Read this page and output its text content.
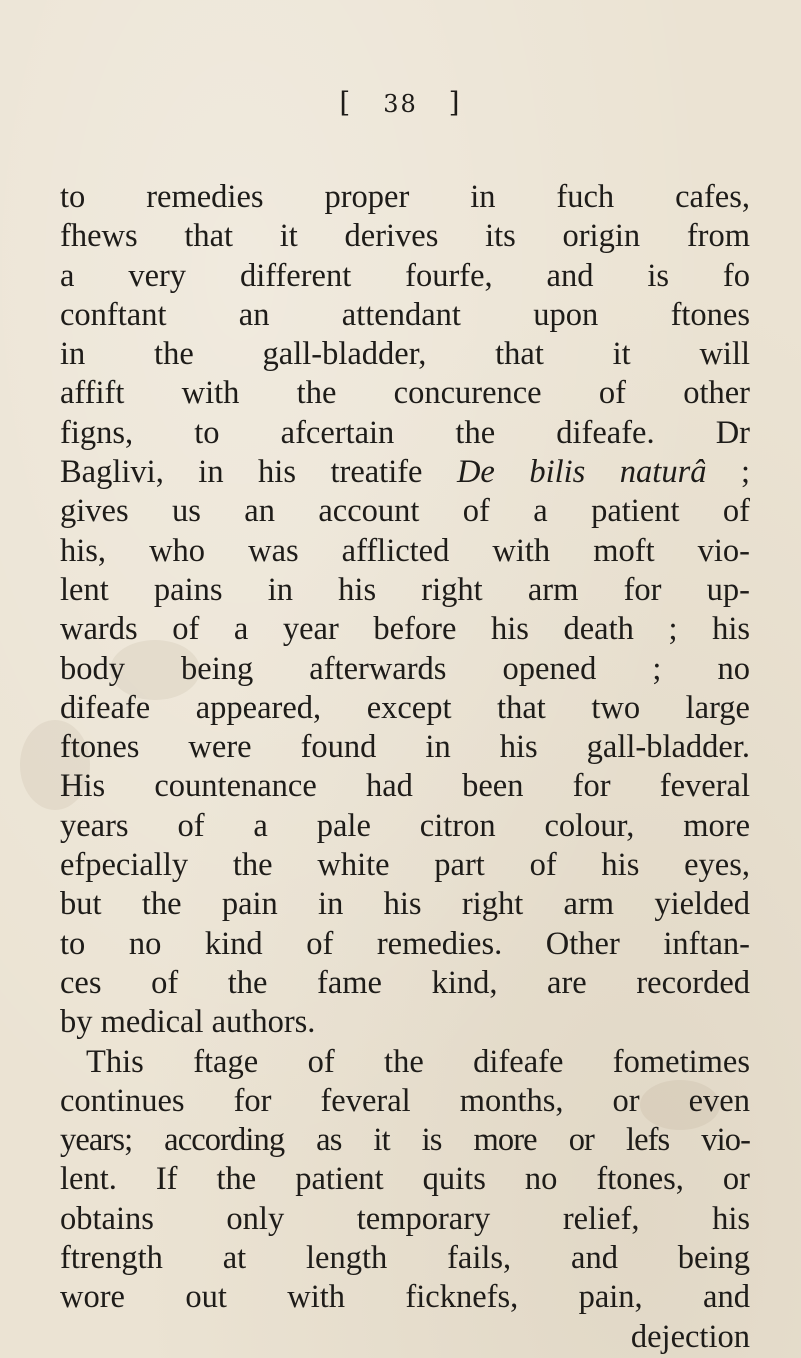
[ 38 ]
to remedies proper in fuch cafes,
fhews that it derives its origin from
a very different fourfe, and is fo
conftant an attendant upon ftones
in the gall-bladder, that it will
affift with the concurence of other
figns, to afcertain the difeafe. Dr
Baglivi, in his treatife De bilis naturâ ;
gives us an account of a patient of
his, who was afflicted with moft vio-
lent pains in his right arm for up-
wards of a year before his death ; his
body being afterwards opened ; no
difeafe appeared, except that two large
ftones were found in his gall-bladder.
His countenance had been for feveral
years of a pale citron colour, more
efpecially the white part of his eyes,
but the pain in his right arm yielded
to no kind of remedies. Other inftan-
ces of the fame kind, are recorded
by medical authors.
This ftage of the difeafe fometimes
continues for feveral months, or even
years; according as it is more or lefs vio-
lent. If the patient quits no ftones, or
obtains only temporary relief, his
ftrength at length fails, and being
wore out with ficknefs, pain, and
dejection
